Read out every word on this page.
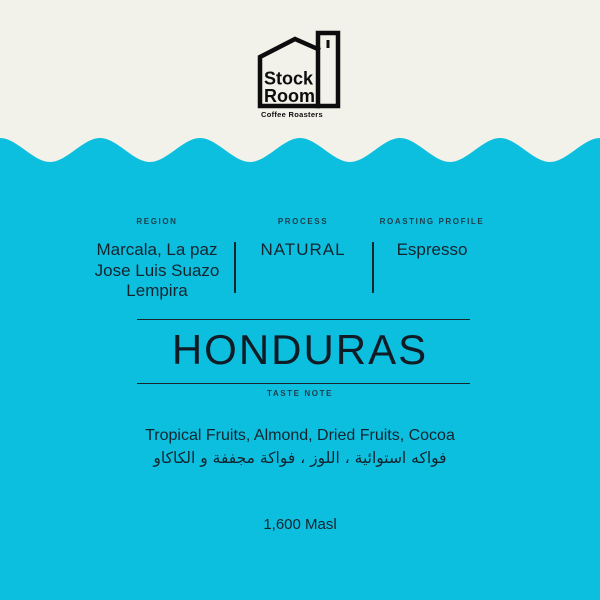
Stock
Room
Coffee Roasters
REGION
Marcala, La paz
Jose Luis Suazo
Lempira
PROCESS
NATURAL
ROASTING PROFILE
Espresso
HONDURAS
TASTE NOTE
Tropical Fruits, Almond, Dried Fruits, Cocoa
فواكه استوائية ، اللوز ، فواكة مجففة و الكاكاو
1,600 Masl
